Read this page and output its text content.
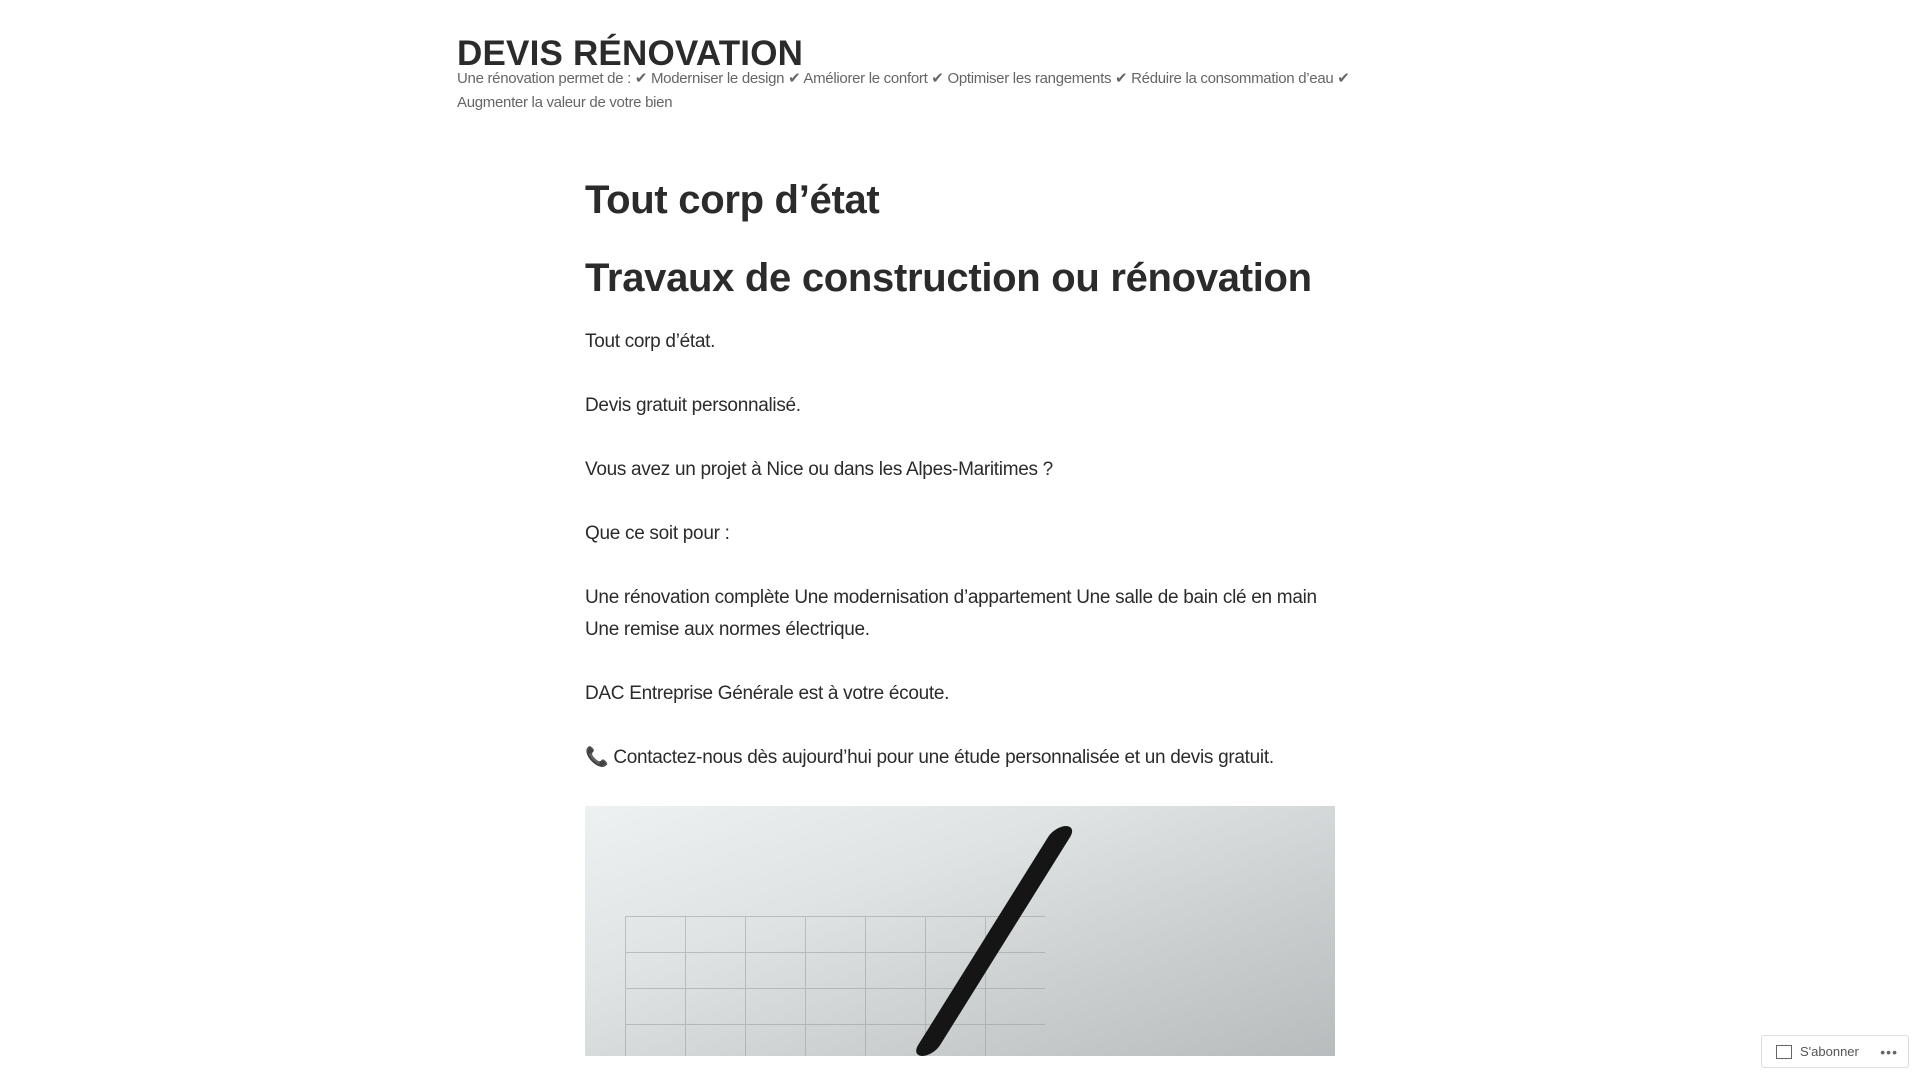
DEVIS RÉNOVATION

Une rénovation permet de : ✔ Moderniser le design ✔ Améliorer le confort ✔ Optimiser les rangements ✔ Réduire la consommation d’eau ✔ Augmenter la valeur de votre bien

Tout corp d’état
Travaux de construction ou rénovation

Tout corp d’état.

Devis gratuit personnalisé.

Vous avez un projet à Nice ou dans les Alpes-Maritimes ?

Que ce soit pour :

Une rénovation complète Une modernisation d’appartement Une salle de bain clé en main Une remise aux normes électrique.

DAC Entreprise Générale est à votre écoute.

📞 Contactez-nous dès aujourd’hui pour une étude personnalisée et un devis gratuit.

S'abonner •••
